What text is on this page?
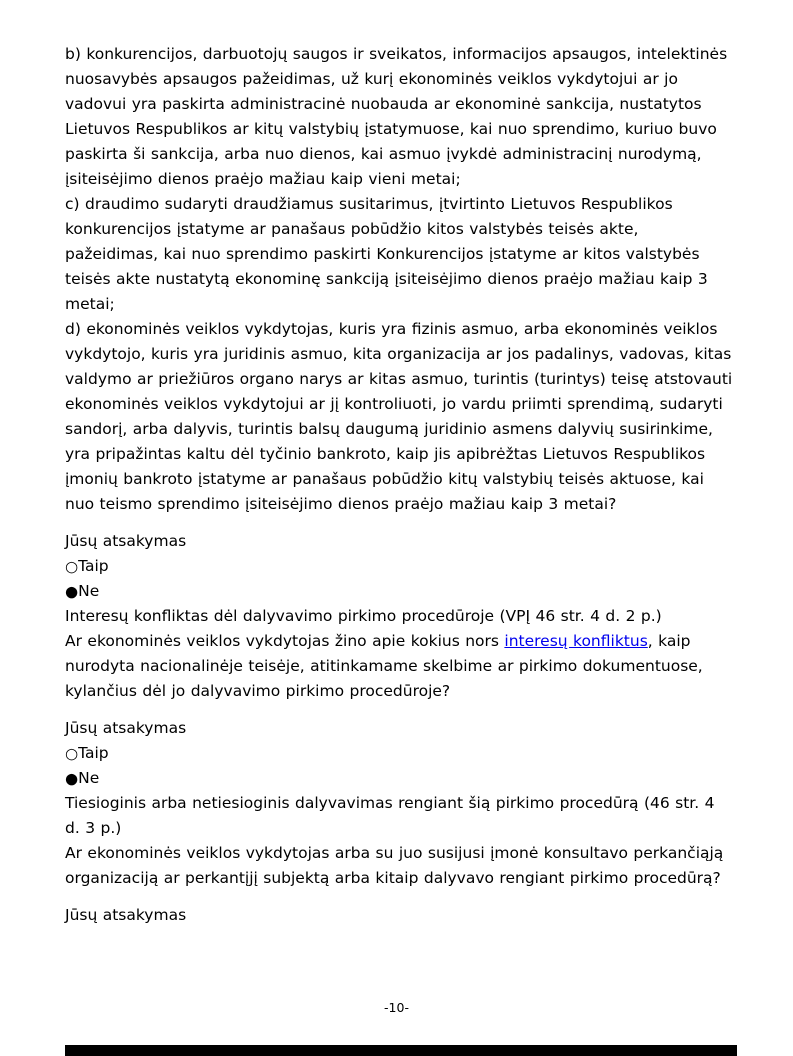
b) konkurencijos, darbuotojų saugos ir sveikatos, informacijos apsaugos, intelektinės nuosavybės apsaugos pažeidimas, už kurį ekonominės veiklos vykdytojui ar jo vadovui yra paskirta administracinė nuobauda ar ekonominė sankcija, nustatytos Lietuvos Respublikos ar kitų valstybių įstatymuose, kai nuo sprendimo, kuriuo buvo paskirta ši sankcija, arba nuo dienos, kai asmuo įvykdė administracinį nurodymą, įsiteisėjimo dienos praėjo mažiau kaip vieni metai;

c) draudimo sudaryti draudžiamus susitarimus, įtvirtinto Lietuvos Respublikos konkurencijos įstatyme ar panašaus pobūdžio kitos valstybės teisės akte, pažeidimas, kai nuo sprendimo paskirti Konkurencijos įstatyme ar kitos valstybės teisės akte nustatytą ekonominę sankciją įsiteisėjimo dienos praėjo mažiau kaip 3 metai;

d) ekonominės veiklos vykdytojas, kuris yra fizinis asmuo, arba ekonominės veiklos vykdytojo, kuris yra juridinis asmuo, kita organizacija ar jos padalinys, vadovas, kitas valdymo ar priežiūros organo narys ar kitas asmuo, turintis (turintys) teisę atstovauti ekonominės veiklos vykdytojui ar jį kontroliuoti, jo vardu priimti sprendimą, sudaryti sandorį, arba dalyvis, turintis balsų daugumą juridinio asmens dalyvių susirinkime, yra pripažintas kaltu dėl tyčinio bankroto, kaip jis apibrėžtas Lietuvos Respublikos įmonių bankroto įstatyme ar panašaus pobūdžio kitų valstybių teisės aktuose, kai nuo teismo sprendimo įsiteisėjimo dienos praėjo mažiau kaip 3 metai?

Jūsų atsakymas

○Taip
●Ne
Interesų konfliktas dėl dalyvavimo pirkimo procedūroje (VPĮ 46 str. 4 d. 2 p.)

Ar ekonominės veiklos vykdytojas žino apie kokius nors interesų konfliktus, kaip nurodyta nacionalinėje teisėje, atitinkamame skelbime ar pirkimo dokumentuose, kylančius dėl jo dalyvavimo pirkimo procedūroje?

Jūsų atsakymas

○Taip
●Ne
Tiesioginis arba netiesioginis dalyvavimas rengiant šią pirkimo procedūrą (46 str. 4 d. 3 p.)

Ar ekonominės veiklos vykdytojas arba su juo susijusi įmonė konsultavo perkančiąją organizaciją ar perkantįjį subjektą arba kitaip dalyvavo rengiant pirkimo procedūrą?

Jūsų atsakymas

-10-
